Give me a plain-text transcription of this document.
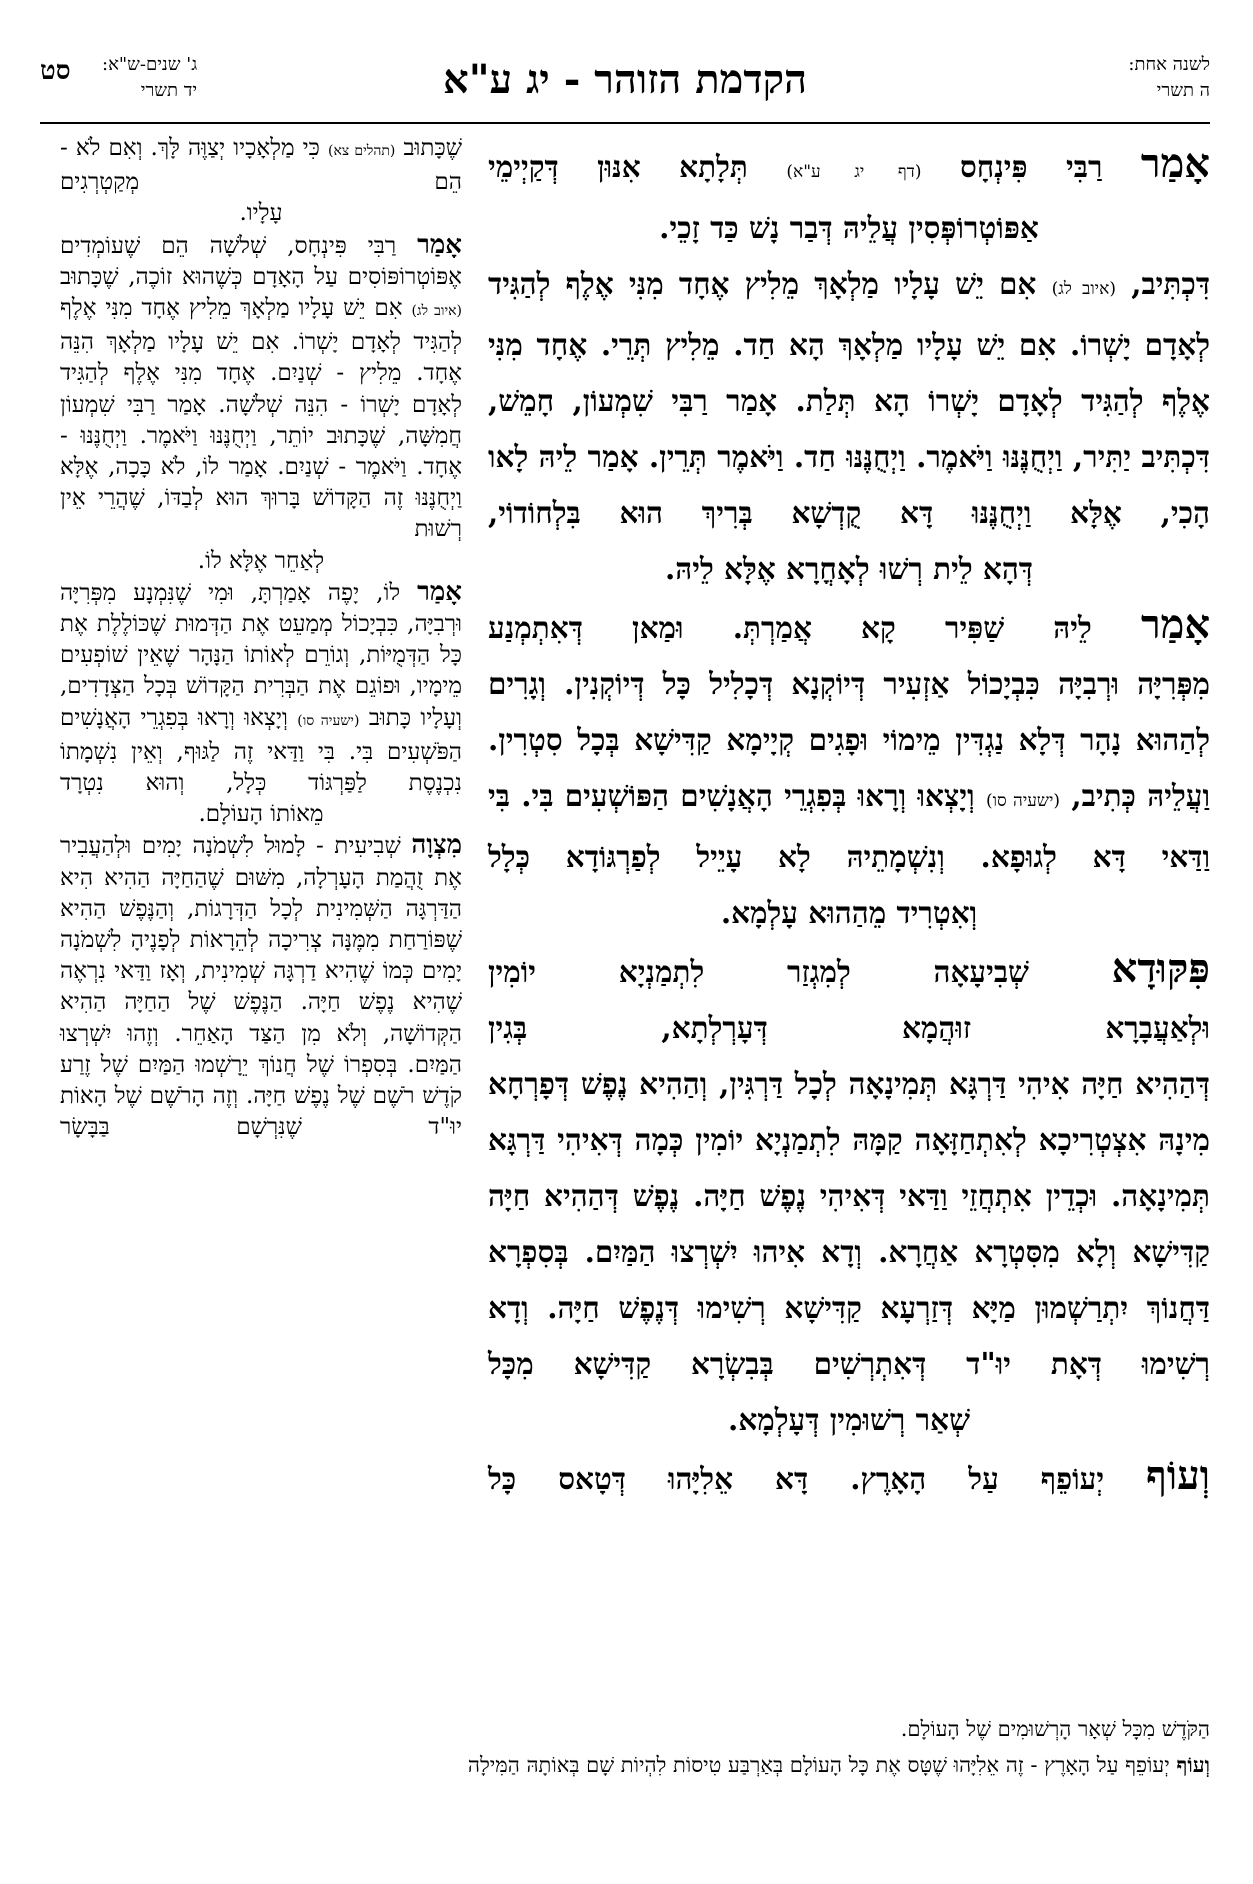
לשנה אחת:
ה תשרי
הקדמת הזוהר - יג ע"א
ג' שנים-ש"א:
יד תשרי
סט

אָמַר רַבִּי פִּינְחָס (דף יג ע"א) תְּלָתָא אִנּוּן דְּקַיְימֵי

אַפּוֹטְרוֹפְּסִין עֲלֵיהּ דְּבַר נָשׁ כַּד זָכֵי.

דִּכְתִּיב, (איוב לג) אִם יֵשׁ עָלָיו מַלְאָךְ מֵלִיץ אֶחָד מִנִּי אֶלֶף לְהַגִּיד לְאָדָם יָשְׁרוֹ. אִם יֵשׁ עָלָיו מַלְאָךְ הָא חַד. מֵלִיץ תְּרֵי. אֶחָד מִנִּי אֶלֶף לְהַגִּיד לְאָדָם יָשְׁרוֹ הָא תְּלַת. אָמַר רַבִּי שִׁמְעוֹן, חָמֵשׁ, דִּכְתִּיב יַתִּיר, וַיְחֻנֶּנּוּ וַיֹּאמֶר. וַיְחֻנֶּנּוּ חַד. וַיֹּאמֶר תְּרֵין. אָמַר לֵיהּ לָאו הָכִי, אֶלָּא וַיְחֻנֶּנּוּ דָּא קֻדְשָׁא בְּרִיךְ הוּא בִּלְחוֹדוֹי,

דְּהָא לֵית רְשׁוּ לְאָחֳרָא אֶלָּא לֵיהּ.

אָמַר לֵיהּ שַׁפִּיר קָא אֲמַרְתְּ. וּמַאן דְּאִתְמְנַע

מִפְּרִיָּה וּרְבִיָּה כִּבְיָכוֹל אַזְעִיר דְּיוֹקְנָא דְּכָלִיל כָּל דְּיוֹקְנִין. וְגָרִים לְהַהוּא נָהָר דְּלָא נַגְדִּין מֵימוֹי וּפָגִים קְיָימָא קַדִּישָׁא בְּכָל סִטְרִין. וַעֲלֵיהּ כְּתִיב, (ישעיה סו) וְיָצְאוּ וְרָאוּ בְּפִגְרֵי הָאֲנָשִׁים הַפּוֹשְׁעִים בִּי. בִּי וַדַּאי דָּא לְגוּפָא. וְנִשְׁמָתֵיהּ לָא עָיֵיל לְפַרְגּוֹדָא כְּלָל

וְאִטְרִיד מֵהַהוּא עָלְמָא.

פִּקּוּדָא שְׁבִיעָאָה לְמִגְזַר לִתְמַנְיָא יוֹמִין

וּלְאַעֲבָרָא זוּהֲמָא דְּעָרְלְתָא, בְּגִין

דְּהַהִיא חַיָּה אִיהִי דַּרְגָּא תְּמִינָאָה לְכָל דַּרְגִּין, וְהַהִיא נֶפֶשׁ דְּפָרְחָא מִינָהּ אִצְטְרִיכָא לְאִתְחַזָּאָה קַמָּהּ לִתְמַנְיָא יוֹמִין כְּמָה דְּאִיהִי דַּרְגָּא תְּמִינָאָה. וּכְדֵין אִתְחֲזֵי וַדַּאי דְּאִיהִי נֶפֶשׁ חַיָּה. נֶפֶשׁ דְּהַהִיא חַיָּה קַדִּישָׁא וְלָא מִסִּטְרָא אַחֲרָא. וְדָא אִיהוּ יִשְׁרְצוּ הַמַּיִם. בְּסִפְרָא דַּחֲנוֹךְ יִתְרַשְׁמוּן מַיָּא דְּזַרְעָא קַדִּישָׁא רְשִׁימוּ דְּנֶפֶשׁ חַיָּה. וְדָא רְשִׁימוּ דְּאָת יוּ"ד דְּאִתְרְשִׁים בְּבִשְׂרָא קַדִּישָׁא מִכָּל

שְׁאַר רְשׁוּמִין דְּעָלְמָא.

וְעוֹף יְעוֹפֵף עַל הָאָרֶץ. דָּא אֵלִיָּהוּ דְּטָאס כָּל

שֶׁכָּתוּב (תהלים צא) כִּי מַלְאָכָיו יְצַוֶּה לָּךְ. וְאִם לֹא - הֵם מְקַטְרְגִים

עָלָיו.

אָמַר רַבִּי פִּינְחָס, שְׁלֹשָׁה הֵם שֶׁעוֹמְדִים אֶפּוֹטְרוֹפּוֹסִים עַל הָאָדָם כְּשֶׁהוּא זוֹכֶה, שֶׁכָּתוּב (איוב לג) אִם יֵשׁ עָלָיו מַלְאָךְ מֵלִיץ אֶחָד מִנִּי אֶלֶף לְהַגִּיד לְאָדָם יָשְׁרוֹ. אִם יֵשׁ עָלָיו מַלְאָךְ הִנֵּה אֶחָד. מֵלִיץ - שְׁנַיִם. אֶחָד מִנִּי אֶלֶף לְהַגִּיד לְאָדָם יָשְׁרוֹ - הִנֵּה שְׁלֹשָׁה. אָמַר רַבִּי שִׁמְעוֹן חֲמִשָּׁה, שֶׁכָּתוּב יוֹתֵר, וַיְחֻנֶּנּוּ וַיֹּאמֶר. וַיְחֻנֶּנּוּ - אֶחָד. וַיֹּאמֶר - שְׁנַיִם. אָמַר לוֹ, לֹא כָּכָה, אֶלָּא וַיְחֻנֶּנּוּ זֶה הַקָּדוֹשׁ בָּרוּךְ הוּא לְבַדּוֹ, שֶׁהֲרֵי אֵין רְשׁוּת

לְאַחֵר אֶלָּא לוֹ.

אָמַר לוֹ, יָפֶה אָמַרְתָּ, וּמִי שֶׁנִּמְנָע מִפְּרִיָּה וּרְבִיָּה, כִּבְיָכוֹל מְמַעֵט אֶת הַדְּמוּת שֶׁכּוֹלֶלֶת אֶת כָּל הַדְּמֻיּוֹת, וְגוֹרֵם לְאוֹתוֹ הַנָּהָר שֶׁאֵין שׁוֹפְעִים מֵימָיו, וּפוֹגֵם אֶת הַבְּרִית הַקָּדוֹשׁ בְּכָל הַצְּדָדִים, וְעָלָיו כָּתוּב (ישעיה סו) וְיָצְאוּ וְרָאוּ בְּפִגְרֵי הָאֲנָשִׁים הַפֹּשְׁעִים בִּי. בִּי וַדַּאי זֶה לַגּוּף, וְאֵין נִשְׁמָתוֹ נִכְנֶסֶת לַפַּרְגּוֹד כְּלָל, וְהוּא נִטְרָד

מֵאוֹתוֹ הָעוֹלָם.

מִצְוָה שְׁבִיעִית - לָמוּל לִשְׁמֹנָה יָמִים וּלְהַעֲבִיר אֶת זֻהֲמַת הָעָרְלָה, מִשּׁוּם שֶׁהַחַיָּה הַהִיא הִיא הַדַּרְגָּה הַשְּׁמִינִית לְכָל הַדְּרָגוֹת, וְהַנֶּפֶשׁ הַהִיא שֶׁפּוֹרַחַת מִמֶּנָּה צְרִיכָה לְהֵרָאוֹת לְפָנֶיהָ לִשְׁמֹנָה יָמִים כְּמוֹ שֶׁהִיא דַרְגָּה שְׁמִינִית, וְאָז וַדַּאי נִרְאֶה שֶׁהִיא נֶפֶשׁ חַיָּה. הַנֶּפֶשׁ שֶׁל הַחַיָּה הַהִיא הַקְּדוֹשָׁה, וְלֹא מִן הַצַּד הָאַחֵר. וְזֶהוּ יִשְׁרְצוּ הַמַּיִם. בְּסִפְרוֹ שֶׁל חֲנוֹךְ יֵרָשְׁמוּ הַמַּיִם שֶׁל זֶרַע קֹדֶשׁ רֹשֶׁם שֶׁל נֶפֶשׁ חַיָּה. וְזֶה הָרֹשֶׁם שֶׁל הָאוֹת יוּ"ד שֶׁנִּרְשָׁם בַּבָּשָׂר

הַקֹּדֶשׁ מִכָּל שְׁאָר הָרְשׁוּמִים שֶׁל הָעוֹלָם.
וְעוֹף יְעוֹפֵף עַל הָאָרֶץ - זֶה אֵלִיָּהוּ שֶׁטָּס אֶת כָּל הָעוֹלָם בְּאַרְבַּע טִיסוֹת לִהְיוֹת שָׁם בְּאוֹתָהּ הַמִּילָה
